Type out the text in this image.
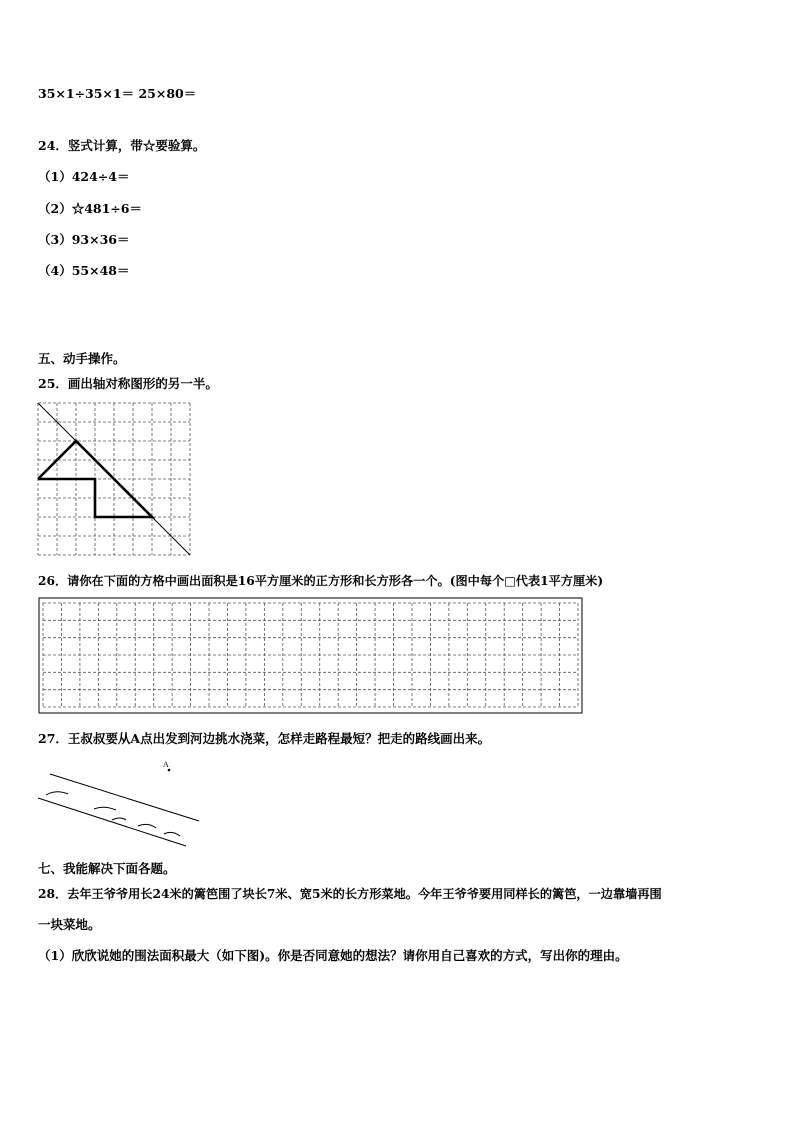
35×1÷35×1＝ 25×80＝
24．竖式计算，带☆要验算。
（1）424÷4＝
（2）☆481÷6＝
（3）93×36＝
（4）55×48＝
五、动手操作。
25．画出轴对称图形的另一半。
26．请你在下面的方格中画出面积是16平方厘米的正方形和长方形各一个。(图中每个□代表1平方厘米)
27．王叔叔要从A点出发到河边挑水浇菜，怎样走路程最短？把走的路线画出来。
A
七、我能解决下面各题。
28．去年王爷爷用长24米的篱笆围了块长7米、宽5米的长方形菜地。今年王爷爷要用同样长的篱笆，一边靠墙再围
一块菜地。
（1）欣欣说她的围法面积最大（如下图)。你是否同意她的想法？请你用自己喜欢的方式，写出你的理由。
